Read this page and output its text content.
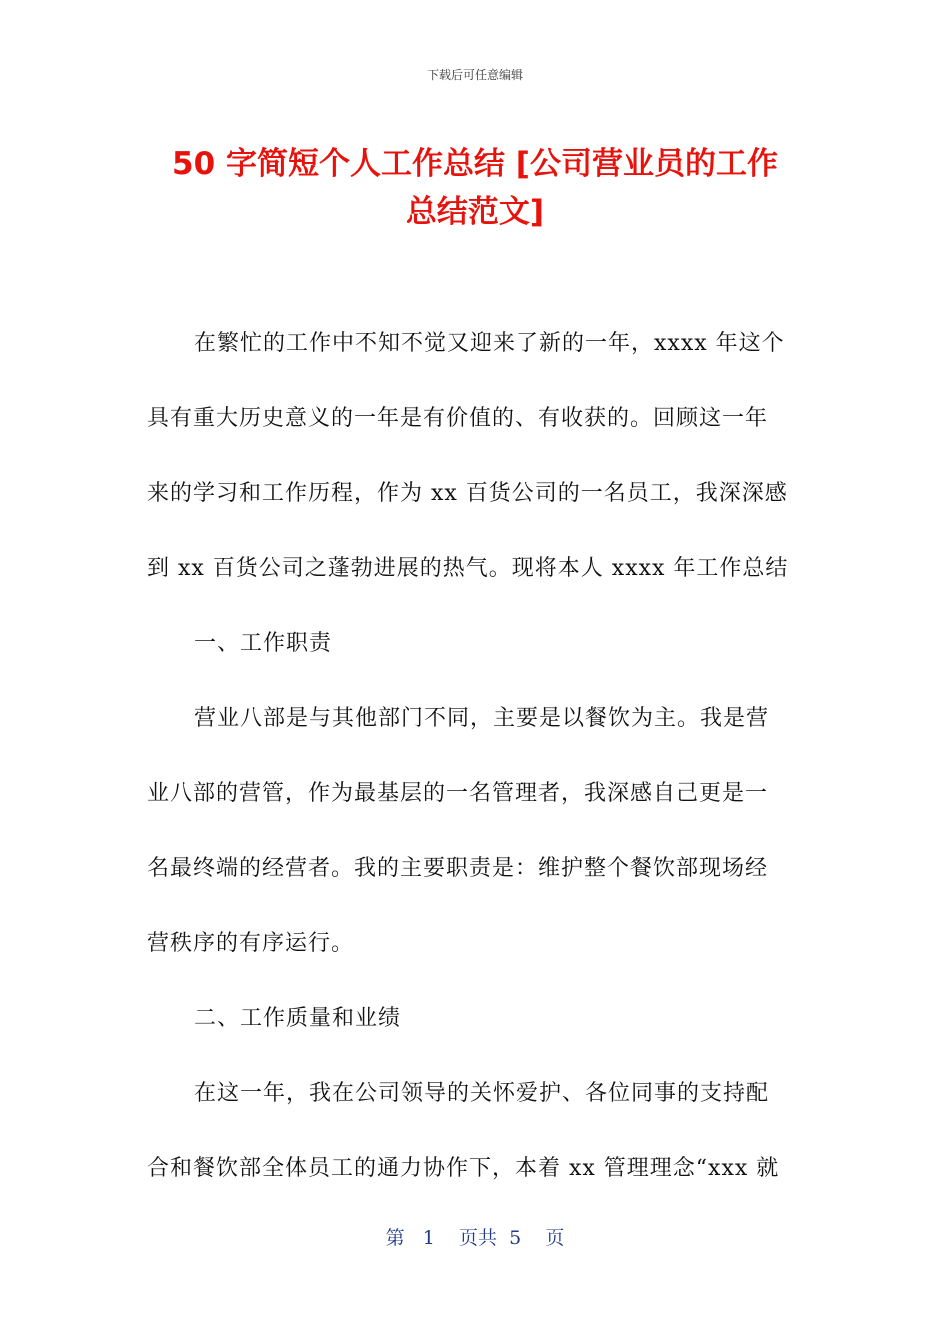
下载后可任意编辑
50 字简短个人工作总结 [公司营业员的工作
总结范文]
在繁忙的工作中不知不觉又迎来了新的一年，xxxx 年这个
具有重大历史意义的一年是有价值的、有收获的。回顾这一年
来的学习和工作历程，作为 xx 百货公司的一名员工，我深深感
到 xx 百货公司之蓬勃进展的热气。现将本人 xxxx 年工作总结
一、工作职责
营业八部是与其他部门不同，主要是以餐饮为主。我是营
业八部的营管，作为最基层的一名管理者，我深感自己更是一
名最终端的经营者。我的主要职责是：维护整个餐饮部现场经
营秩序的有序运行。
二、工作质量和业绩
在这一年，我在公司领导的关怀爱护、各位同事的支持配
合和餐饮部全体员工的通力协作下，本着 xx 管理理念“xxx 就
第 1 页共 5 页
